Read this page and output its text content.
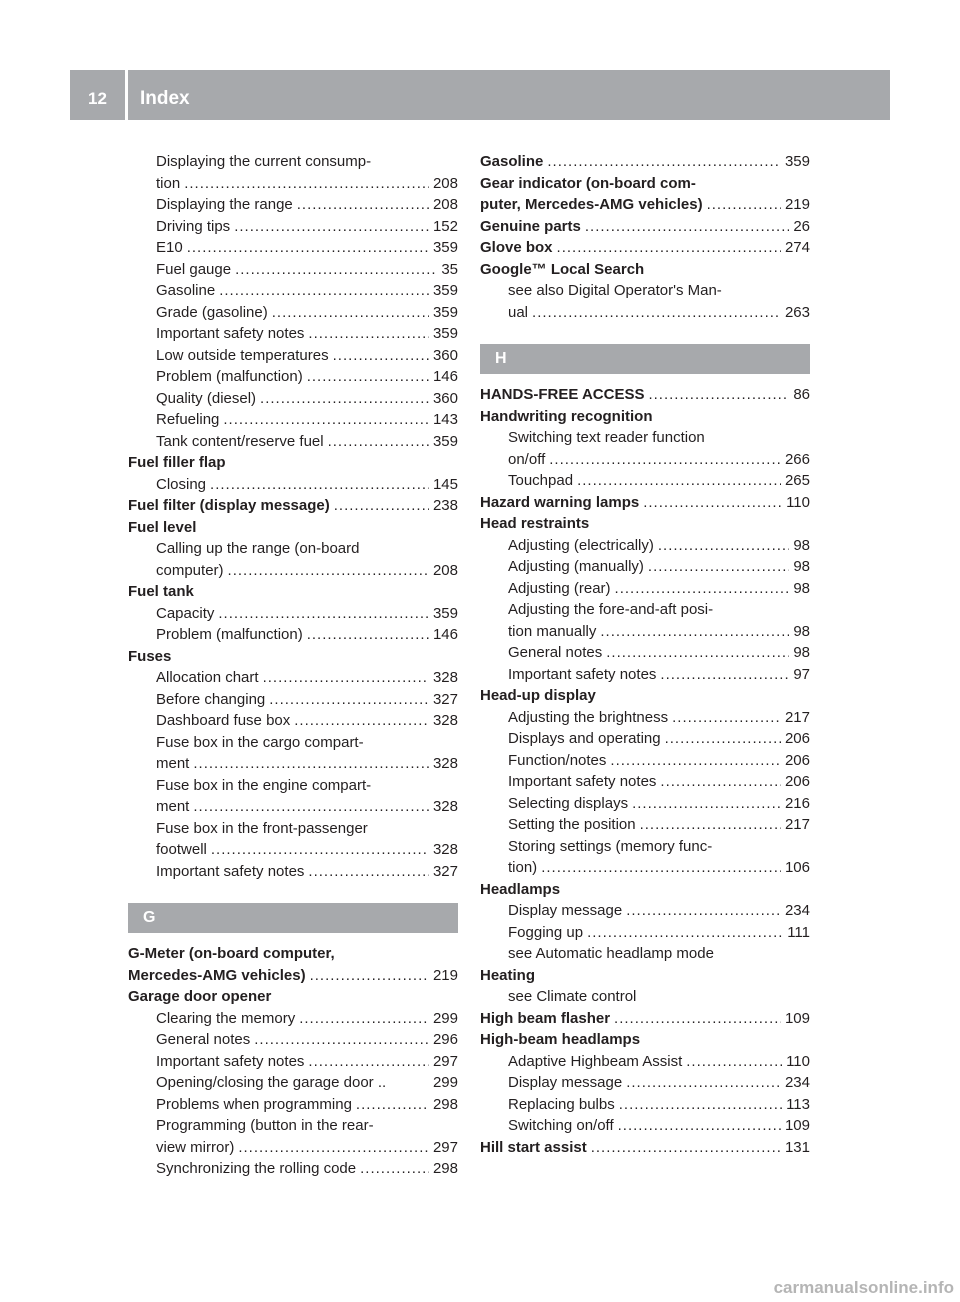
12	Index
Displaying the current consump-
tion .....	208
Displaying the range .....	208
Driving tips .....	152
E10 .....	359
Fuel gauge .....	35
Gasoline .....	359
Grade (gasoline) .....	359
Important safety notes .....	359
Low outside temperatures .....	360
Problem (malfunction) .....	146
Quality (diesel) .....	360
Refueling .....	143
Tank content/reserve fuel .....	359
Fuel filler flap
Closing .....	145
Fuel filter (display message) .....	238
Fuel level
Calling up the range (on-board
computer) .....	208
Fuel tank
Capacity .....	359
Problem (malfunction) .....	146
Fuses
Allocation chart .....	328
Before changing .....	327
Dashboard fuse box .....	328
Fuse box in the cargo compart-
ment .....	328
Fuse box in the engine compart-
ment .....	328
Fuse box in the front-passenger
footwell .....	328
Important safety notes .....	327
G
G-Meter (on-board computer,
Mercedes-AMG vehicles) .....	219
Garage door opener
Clearing the memory .....	299
General notes .....	296
Important safety notes .....	297
Opening/closing the garage door ..	299
Problems when programming .....	298
Programming (button in the rear-
view mirror) .....	297
Synchronizing the rolling code .....	298
Gasoline .....	359
Gear indicator (on-board com-
puter, Mercedes-AMG vehicles) .....	219
Genuine parts .....	26
Glove box .....	274
Google™ Local Search
see also Digital Operator's Man-
ual .....	263
H
HANDS-FREE ACCESS .....	86
Handwriting recognition
Switching text reader function
on/off .....	266
Touchpad .....	265
Hazard warning lamps .....	110
Head restraints
Adjusting (electrically) .....	98
Adjusting (manually) .....	98
Adjusting (rear) .....	98
Adjusting the fore-and-aft posi-
tion manually .....	98
General notes .....	98
Important safety notes .....	97
Head-up display
Adjusting the brightness .....	217
Displays and operating .....	206
Function/notes .....	206
Important safety notes .....	206
Selecting displays .....	216
Setting the position .....	217
Storing settings (memory func-
tion) .....	106
Headlamps
Display message .....	234
Fogging up .....	111
see Automatic headlamp mode
Heating
see Climate control
High beam flasher .....	109
High-beam headlamps
Adaptive Highbeam Assist .....	110
Display message .....	234
Replacing bulbs .....	113
Switching on/off .....	109
Hill start assist .....	131
carmanualsonline.info
